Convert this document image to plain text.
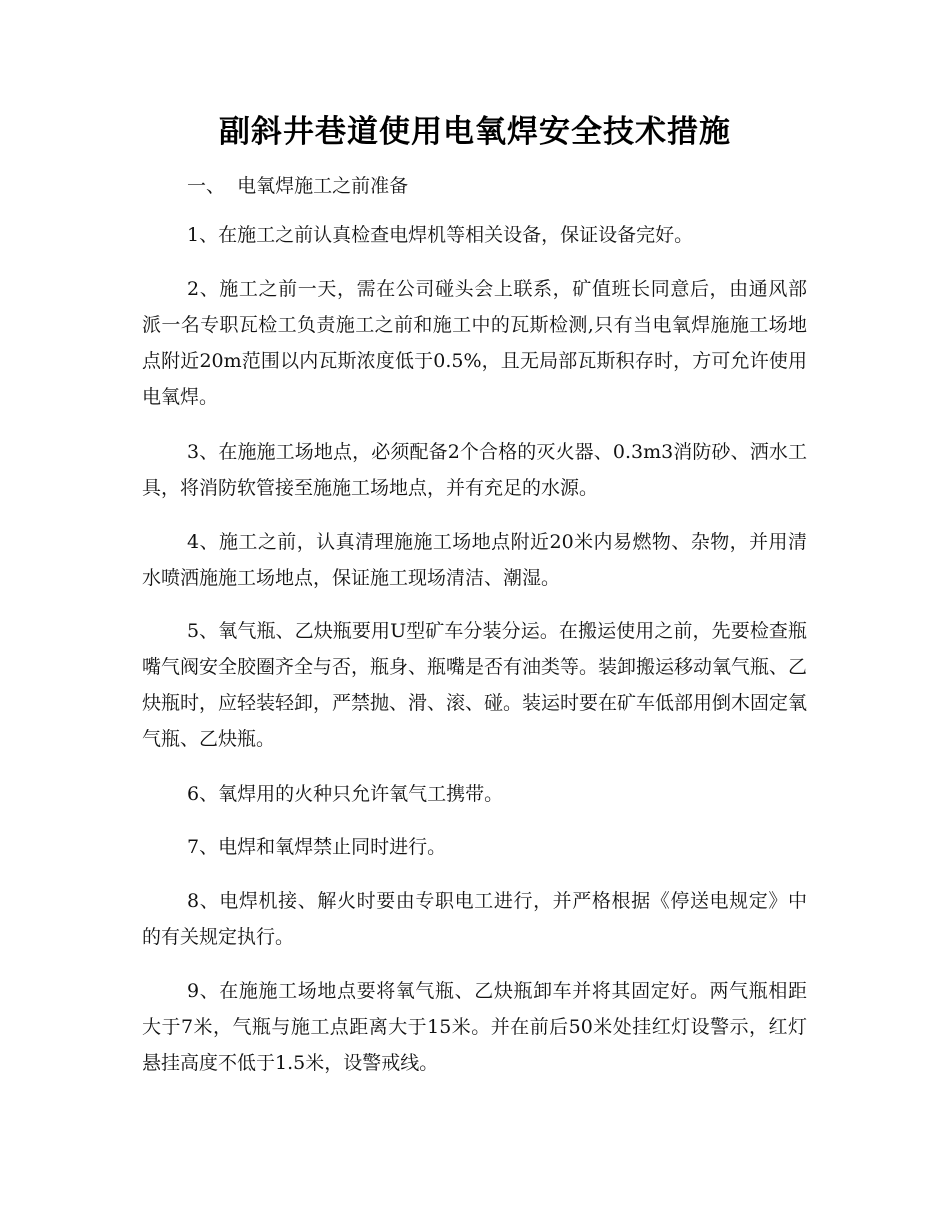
副斜井巷道使用电氧焊安全技术措施
一、  电氧焊施工之前准备

1、在施工之前认真检查电焊机等相关设备，保证设备完好。

2、施工之前一天，需在公司碰头会上联系，矿值班长同意后，由通风部派一名专职瓦检工负责施工之前和施工中的瓦斯检测,只有当电氧焊施施工场地点附近20m范围以内瓦斯浓度低于0.5%，且无局部瓦斯积存时，方可允许使用电氧焊。

3、在施施工场地点，必须配备2个合格的灭火器、0.3m3消防砂、洒水工具，将消防软管接至施施工场地点，并有充足的水源。

4、施工之前，认真清理施施工场地点附近20米内易燃物、杂物，并用清水喷洒施施工场地点，保证施工现场清洁、潮湿。

5、氧气瓶、乙炔瓶要用U型矿车分装分运。在搬运使用之前，先要检查瓶嘴气阀安全胶圈齐全与否，瓶身、瓶嘴是否有油类等。装卸搬运移动氧气瓶、乙炔瓶时，应轻装轻卸，严禁抛、滑、滚、碰。装运时要在矿车低部用倒木固定氧气瓶、乙炔瓶。

6、氧焊用的火种只允许氧气工携带。

7、电焊和氧焊禁止同时进行。

8、电焊机接、解火时要由专职电工进行，并严格根据《停送电规定》中的有关规定执行。

9、在施施工场地点要将氧气瓶、乙炔瓶卸车并将其固定好。两气瓶相距大于7米，气瓶与施工点距离大于15米。并在前后50米处挂红灯设警示，红灯悬挂高度不低于1.5米，设警戒线。
